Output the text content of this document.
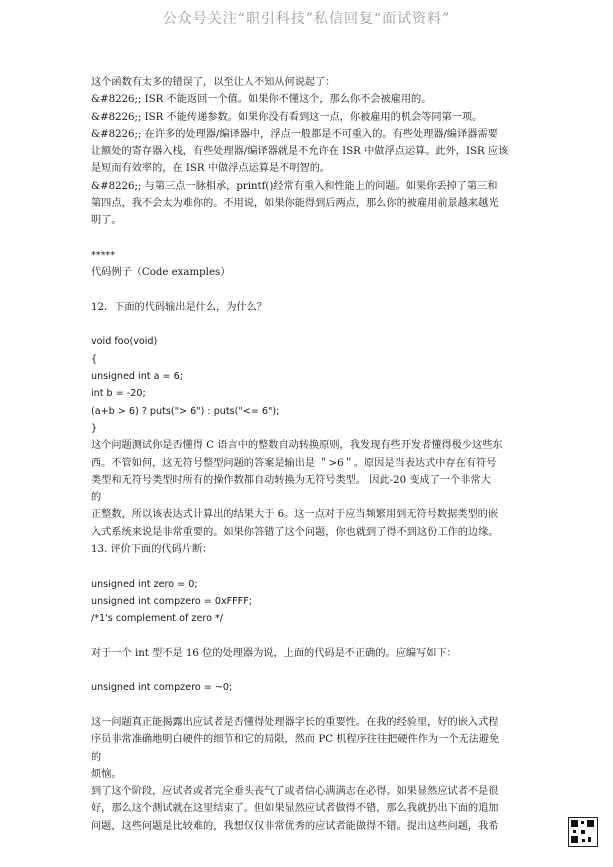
公众号关注“职引科技”私信回复“面试资料”
这个函数有太多的错误了，以至让人不知从何说起了：
&#8226;; ISR 不能返回一个值。如果你不懂这个，那么你不会被雇用的。
&#8226;; ISR 不能传递参数。如果你没有看到这一点，你被雇用的机会等同第一项。
&#8226;; 在许多的处理器/编译器中，浮点一般都是不可重入的。有些处理器/编译器需要
让额处的寄存器入栈，有些处理器/编译器就是不允许在 ISR 中做浮点运算。此外，ISR 应该
是短而有效率的，在 ISR 中做浮点运算是不明智的。
&#8226;; 与第三点一脉相承，printf()经常有重入和性能上的问题。如果你丢掉了第三和
第四点，我不会太为难你的。不用说，如果你能得到后两点，那么你的被雇用前景越来越光
明了。
*****
代码例子（Code examples）
12．下面的代码输出是什么，为什么？
void foo(void)
{
unsigned int a = 6;
int b = -20;
(a+b > 6) ? puts("> 6") : puts("<= 6");
}
这个问题测试你是否懂得 C 语言中的整数自动转换原则，我发现有些开发者懂得极少这些东
西。不管如何，这无符号整型问题的答案是输出是 ＂>6＂。原因是当表达式中存在有符号
类型和无符号类型时所有的操作数都自动转换为无符号类型。 因此-20 变成了一个非常大
的
正整数，所以该表达式计算出的结果大于 6。这一点对于应当频繁用到无符号数据类型的嵌
入式系统来说是非常重要的。如果你答错了这个问题，你也就到了得不到这份工作的边缘。
13. 评价下面的代码片断：
unsigned int zero = 0;
unsigned int compzero = 0xFFFF;
/*1's complement of zero */
对于一个 int 型不是 16 位的处理器为说，上面的代码是不正确的。应编写如下：
unsigned int compzero = ~0;
这一问题真正能揭露出应试者是否懂得处理器字长的重要性。在我的经验里，好的嵌入式程
序员非常准确地明白硬件的细节和它的局限，然而 PC 机程序往往把硬件作为一个无法避免
的
烦恼。
到了这个阶段，应试者或者完全垂头丧气了或者信心满满志在必得。如果显然应试者不是很
好，那么这个测试就在这里结束了。但如果显然应试者做得不错，那么我就扔出下面的追加
问题，这些问题是比较难的，我想仅仅非常优秀的应试者能做得不错。提出这些问题，我希
